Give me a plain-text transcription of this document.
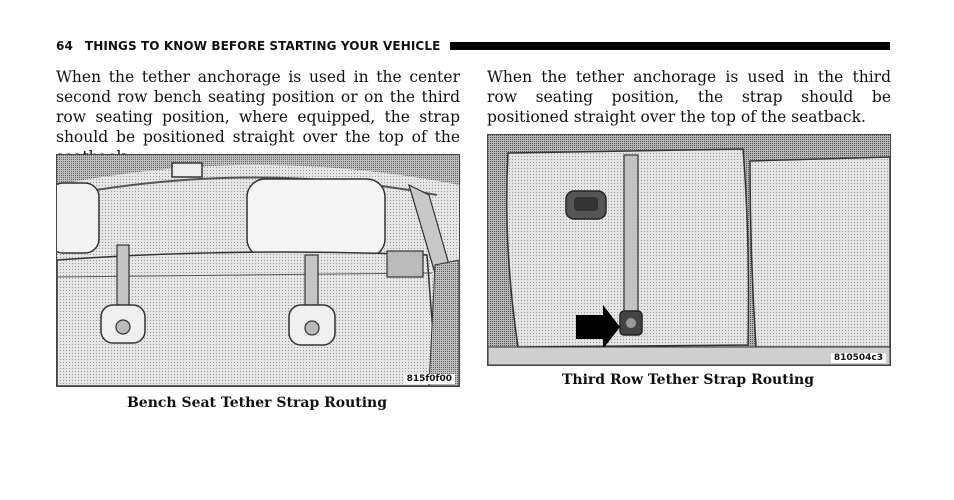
64 THINGS TO KNOW BEFORE STARTING YOUR VEHICLE

When the tether anchorage is used in the center second row bench seating position or on the third row seating position, where equipped, the strap should be positioned straight over the top of the

When the tether anchorage is used in the third row seating position, the strap should be positioned straight over the top of the seatback.

815f0f00
Bench Seat Tether Strap Routing
810504c3
Third Row Tether Strap Routing
